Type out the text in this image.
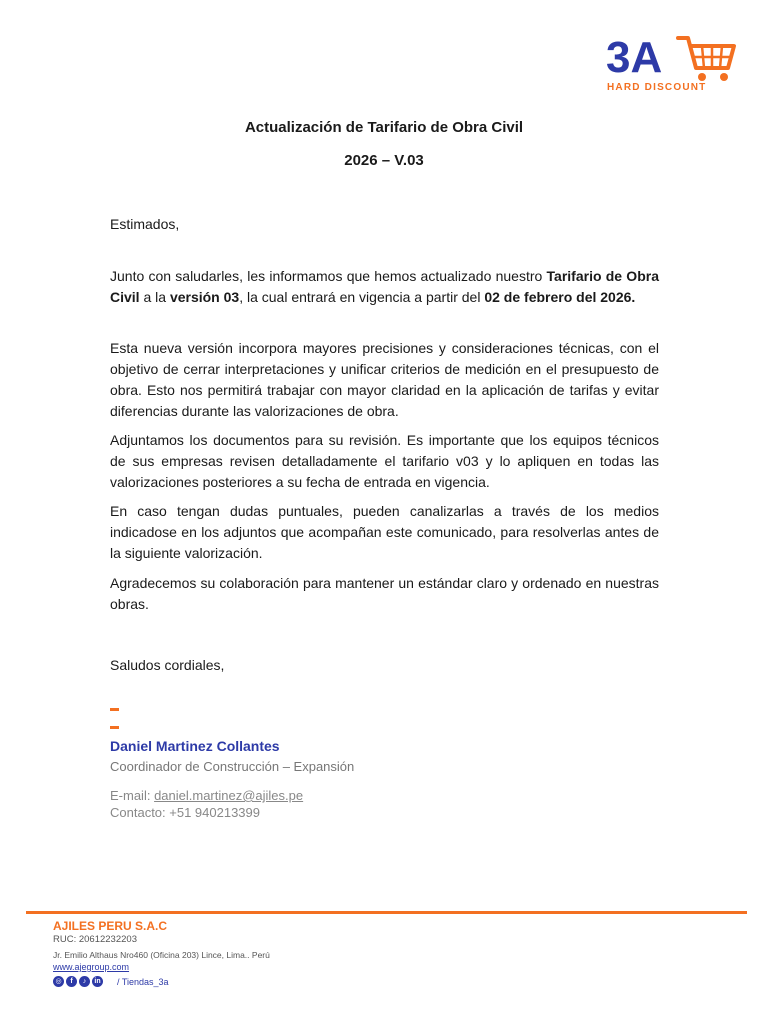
3A
HARD DISCOUNT
Actualización de Tarifario de Obra Civil
2026 – V.03

Estimados,

Junto con saludarles, les informamos que hemos actualizado nuestro Tarifario de Obra Civil a la versión 03, la cual entrará en vigencia a partir del 02 de febrero del 2026.

Esta nueva versión incorpora mayores precisiones y consideraciones técnicas, con el objetivo de cerrar interpretaciones y unificar criterios de medición en el presupuesto de obra. Esto nos permitirá trabajar con mayor claridad en la aplicación de tarifas y evitar diferencias durante las valorizaciones de obra.

Adjuntamos los documentos para su revisión. Es importante que los equipos técnicos de sus empresas revisen detalladamente el tarifario v03 y lo apliquen en todas las valorizaciones posteriores a su fecha de entrada en vigencia.

En caso tengan dudas puntuales, pueden canalizarlas a través de los medios indicadose en los adjuntos que acompañan este comunicado, para resolverlas antes de la siguiente valorización.

Agradecemos su colaboración para mantener un estándar claro y ordenado en nuestras obras.

Saludos cordiales,

Daniel Martinez Collantes
Coordinador de Construcción – Expansión
E-mail: daniel.martinez@ajiles.pe
Contacto: +51 940213399
AJILES PERU S.A.C
RUC: 20612232203
Jr. Emilio Althaus Nro460 (Oficina 203) Lince, Lima.. Perú
www.ajegroup.com
◎	f	♪	in / Tiendas_3a
